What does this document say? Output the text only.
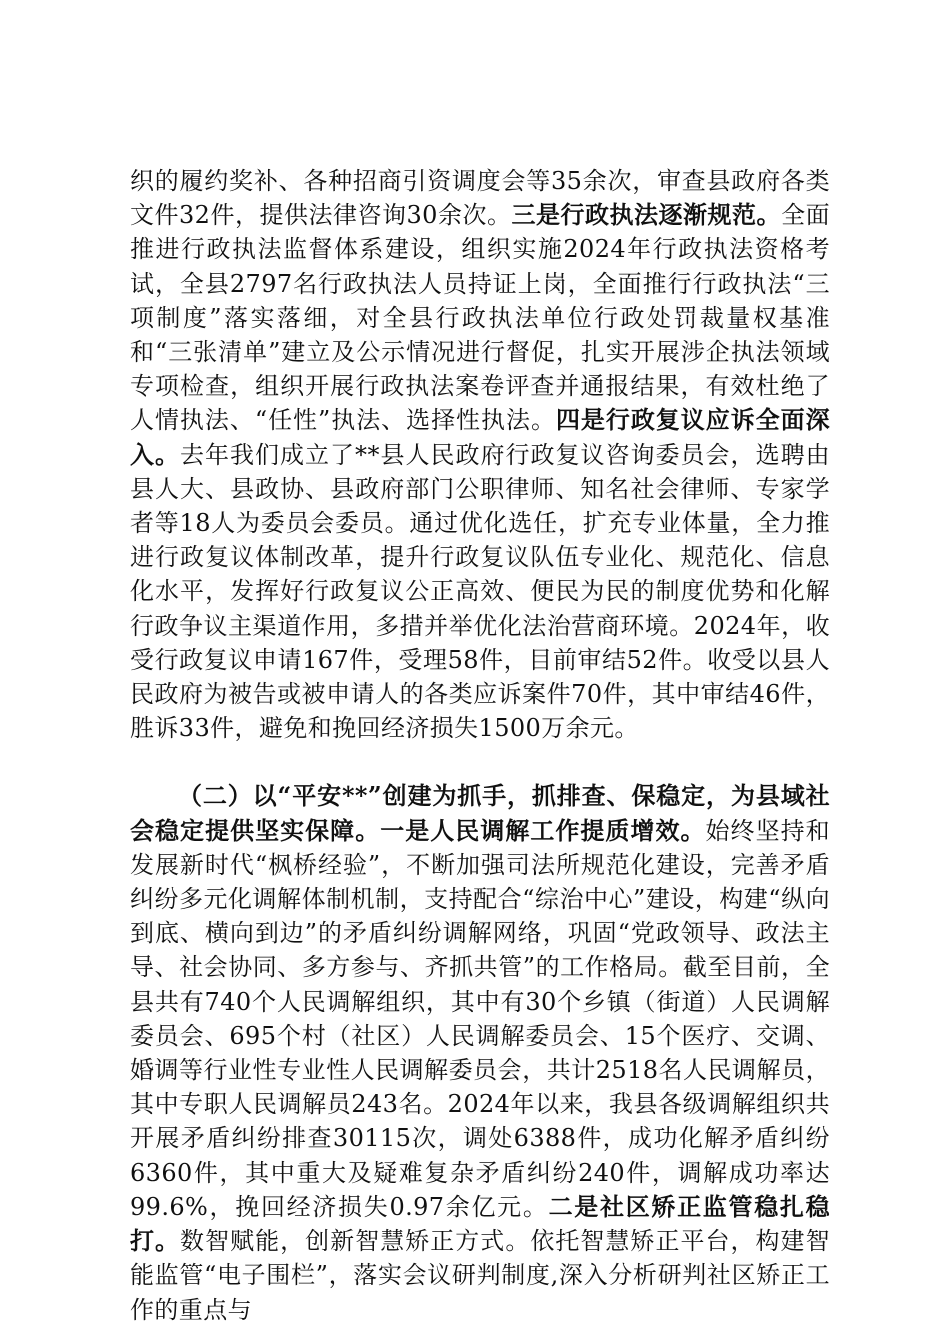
织的履约奖补、各种招商引资调度会等35余次，审查县政府各类文件32件，提供法律咨询30余次。三是行政执法逐渐规范。全面推进行政执法监督体系建设，组织实施2024年行政执法资格考试，全县2797名行政执法人员持证上岗，全面推行行政执法“三项制度”落实落细，对全县行政执法单位行政处罚裁量权基准和“三张清单”建立及公示情况进行督促，扎实开展涉企执法领域专项检查，组织开展行政执法案卷评查并通报结果，有效杜绝了人情执法、“任性”执法、选择性执法。四是行政复议应诉全面深入。去年我们成立了**县人民政府行政复议咨询委员会，选聘由县人大、县政协、县政府部门公职律师、知名社会律师、专家学者等18人为委员会委员。通过优化选任，扩充专业体量，全力推进行政复议体制改革，提升行政复议队伍专业化、规范化、信息化水平，发挥好行政复议公正高效、便民为民的制度优势和化解行政争议主渠道作用，多措并举优化法治营商环境。2024年，收受行政复议申请167件，受理58件，目前审结52件。收受以县人民政府为被告或被申请人的各类应诉案件70件，其中审结46件，胜诉33件，避免和挽回经济损失1500万余元。

（二）以“平安**”创建为抓手，抓排查、保稳定，为县域社会稳定提供坚实保障。一是人民调解工作提质增效。始终坚持和发展新时代“枫桥经验”，不断加强司法所规范化建设，完善矛盾纠纷多元化调解体制机制，支持配合“综治中心”建设，构建“纵向到底、横向到边”的矛盾纠纷调解网络，巩固“党政领导、政法主导、社会协同、多方参与、齐抓共管”的工作格局。截至目前，全县共有740个人民调解组织，其中有30个乡镇（街道）人民调解委员会、695个村（社区）人民调解委员会、15个医疗、交调、婚调等行业性专业性人民调解委员会，共计2518名人民调解员，其中专职人民调解员243名。2024年以来，我县各级调解组织共开展矛盾纠纷排查30115次，调处6388件，成功化解矛盾纠纷6360件，其中重大及疑难复杂矛盾纠纷240件，调解成功率达99.6%，挽回经济损失0.97余亿元。二是社区矫正监管稳扎稳打。数智赋能，创新智慧矫正方式。依托智慧矫正平台，构建智能监管“电子围栏”，落实会议研判制度,深入分析研判社区矫正工作的重点与
